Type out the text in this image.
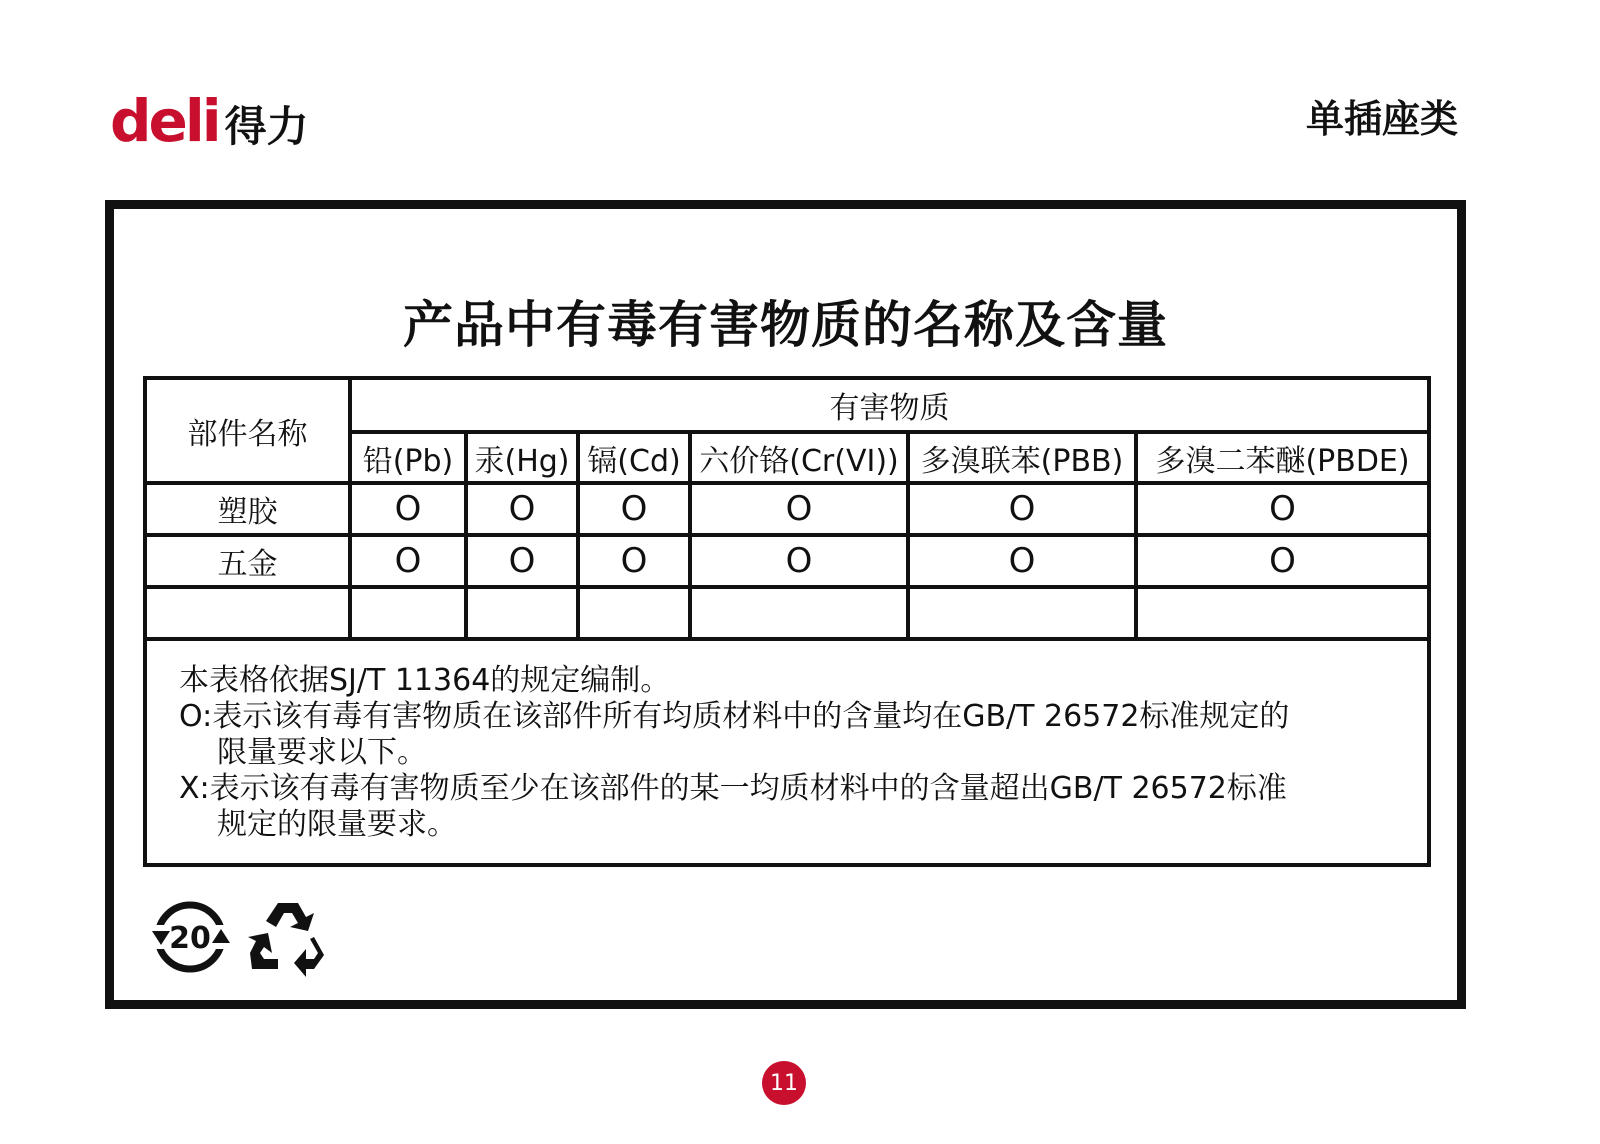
deli 得力	单插座类
产品中有毒有害物质的名称及含量
部件名称	有害物质					
	铅(Pb)	汞(Hg)	镉(Cd)	六价铬(Cr(VI))	多溴联苯(PBB)	多溴二苯醚(PBDE)
塑胶	O	O	O	O	O	O
五金	O	O	O	O	O	O

本表格依据SJ/T 11364的规定编制。
O:表示该有毒有害物质在该部件所有均质材料中的含量均在GB/T 26572标准规定的
限量要求以下。
X:表示该有毒有害物质至少在该部件的某一均质材料中的含量超出GB/T 26572标准
规定的限量要求。						
20
11
